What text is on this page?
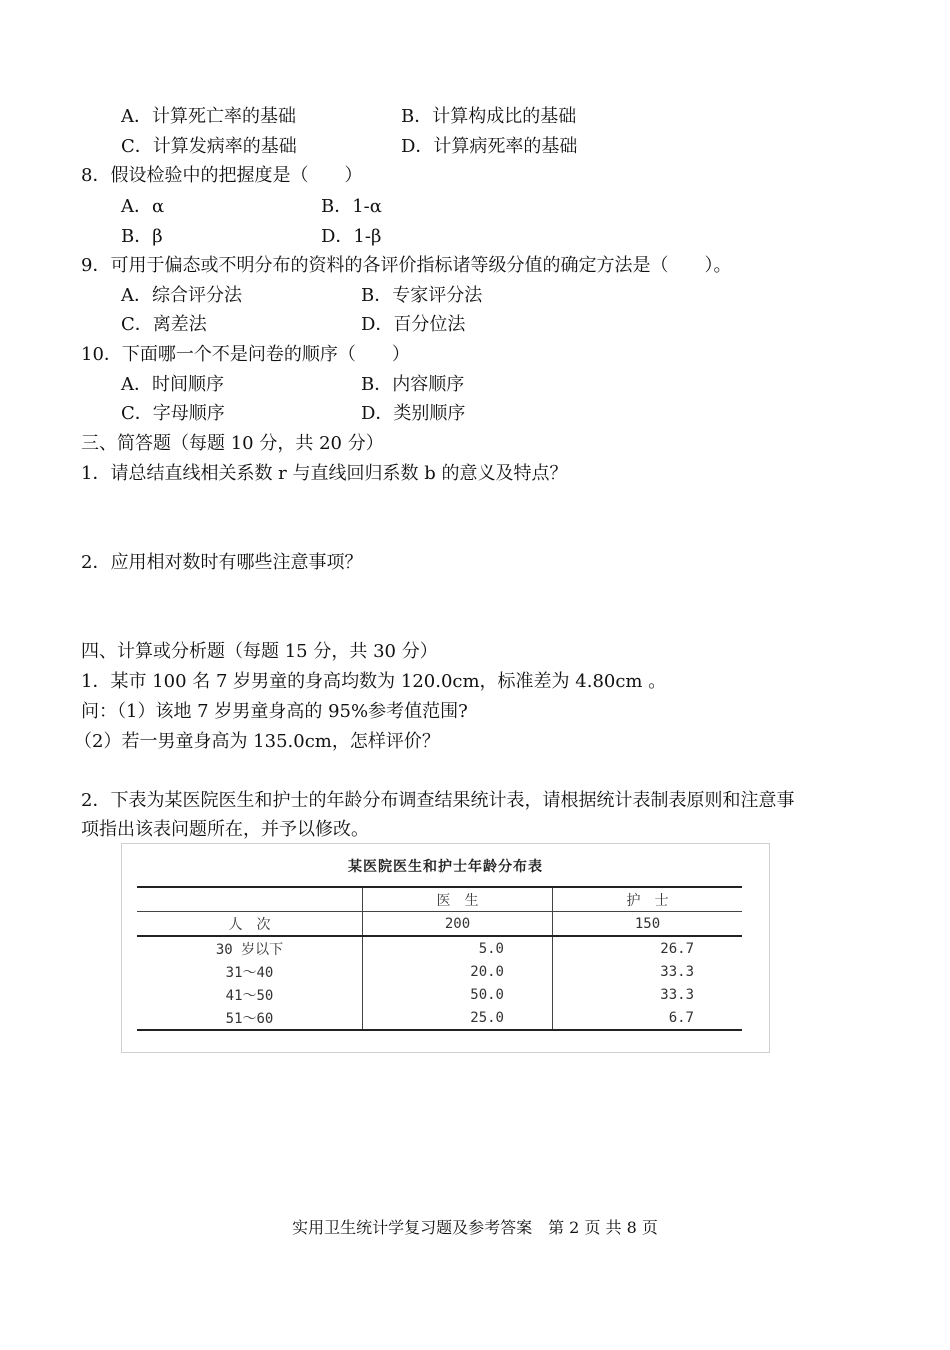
A．计算死亡率的基础	B．计算构成比的基础
C．计算发病率的基础	D．计算病死率的基础
8．假设检验中的把握度是（　　）
A．α	B．1-α
B．β	D．1-β
9．可用于偏态或不明分布的资料的各评价指标诸等级分值的确定方法是（　　）。
A．综合评分法	B．专家评分法
C．离差法	D．百分位法
10．下面哪一个不是问卷的顺序（　　）
A．时间顺序	B．内容顺序
C．字母顺序	D．类别顺序
三、简答题（每题 10 分，共 20 分）
1．请总结直线相关系数 r 与直线回归系数 b 的意义及特点？
2．应用相对数时有哪些注意事项？
四、计算或分析题（每题 15 分，共 30 分）
1．某市 100 名 7 岁男童的身高均数为 120.0cm，标准差为 4.80cm 。
问：（1）该地 7 岁男童身高的 95%参考值范围?
（2）若一男童身高为 135.0cm，怎样评价？
2．下表为某医院医生和护士的年龄分布调查结果统计表，请根据统计表制表原则和注意事
项指出该表问题所在，并予以修改。
某医院医生和护士年龄分布表
	医　生	护　士
人　次	200	150
30 岁以下	5.0	26.7
31～40	20.0	33.3
41～50	50.0	33.3
51～60	25.0	6.7
实用卫生统计学复习题及参考答案　第 2 页 共 8 页
